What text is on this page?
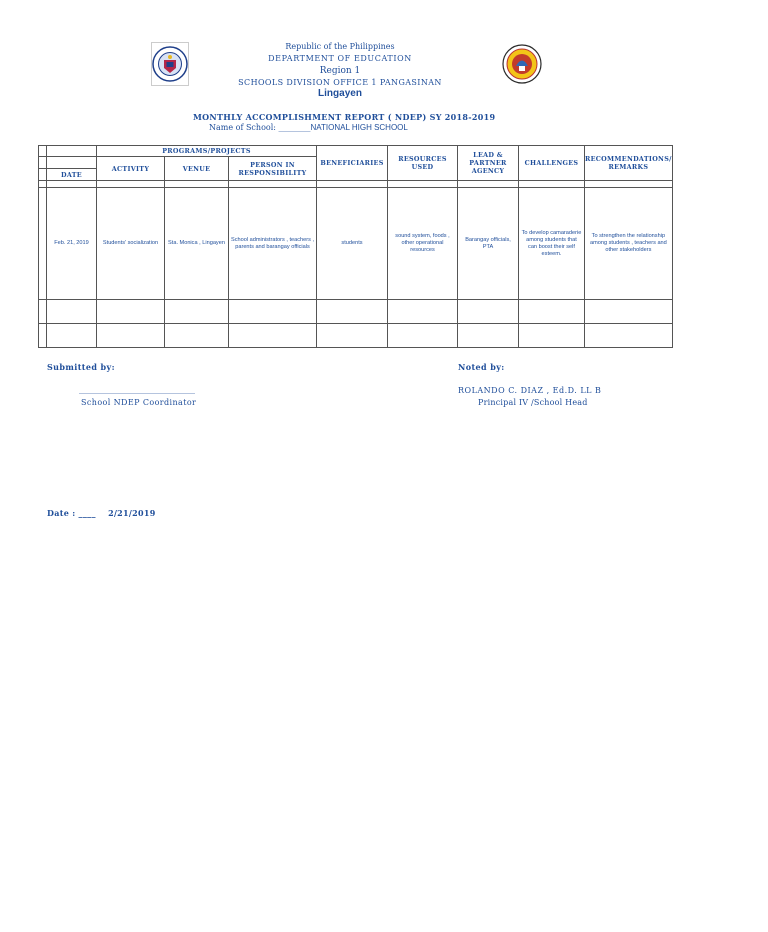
Republic of the Philippines
DEPARTMENT OF EDUCATION
Region 1
SCHOOLS DIVISION OFFICE 1 PANGASINAN
Lingayen
MONTHLY ACCOMPLISHMENT REPORT ( NDEP) SY 2018-2019
Name of School: ________NATIONAL HIGH SCHOOL
		PROGRAMS/PROJECTS			BENEFICIARIES	RESOURCES USED	LEAD & PARTNER AGENCY	CHALLENGES	RECOMMENDATIONS/ REMARKS
		ACTIVITY	VENUE	PERSON IN RESPONSIBILITY					
	DATE								

	Feb. 21, 2019	Students' socialization	Sta. Monica , Lingayen	School administrators , teachers , parents and barangay officials	students	sound system, foods , other operational resources	Barangay officials, PTA	To develop camaraderie among students that can boost their self esteem.	To strengthen the relationship among students , teachers and other stakeholders

Submitted by:
_____________________________
School NDEP Coordinator
Noted by:
ROLANDO C. DIAZ , Ed.D. LL B
Principal IV /School Head
Date : ____ 2/21/2019
